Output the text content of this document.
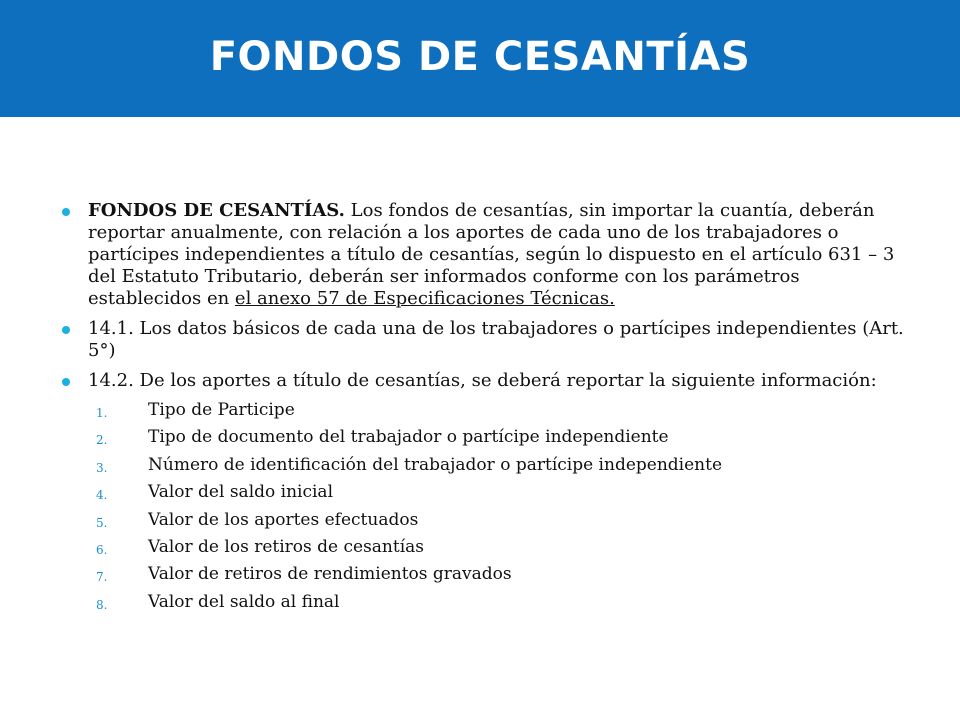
FONDOS DE CESANTÍAS
FONDOS DE CESANTÍAS. Los fondos de cesantías, sin importar la cuantía, deberán reportar anualmente, con relación a los aportes de cada uno de los trabajadores o partícipes independientes a título de cesantías, según lo dispuesto en el artículo 631 – 3 del Estatuto Tributario, deberán ser informados conforme con los parámetros establecidos en el anexo 57 de Especificaciones Técnicas.
14.1. Los datos básicos de cada una de los trabajadores o partícipes independientes (Art. 5°)
14.2. De los aportes a título de cesantías, se deberá reportar la siguiente información:
1. Tipo de Participe
2. Tipo de documento del trabajador o partícipe independiente
3. Número de identificación del trabajador o partícipe independiente
4. Valor del saldo inicial
5. Valor de los aportes efectuados
6. Valor de los retiros de cesantías
7. Valor de retiros de rendimientos gravados
8. Valor del saldo al final
